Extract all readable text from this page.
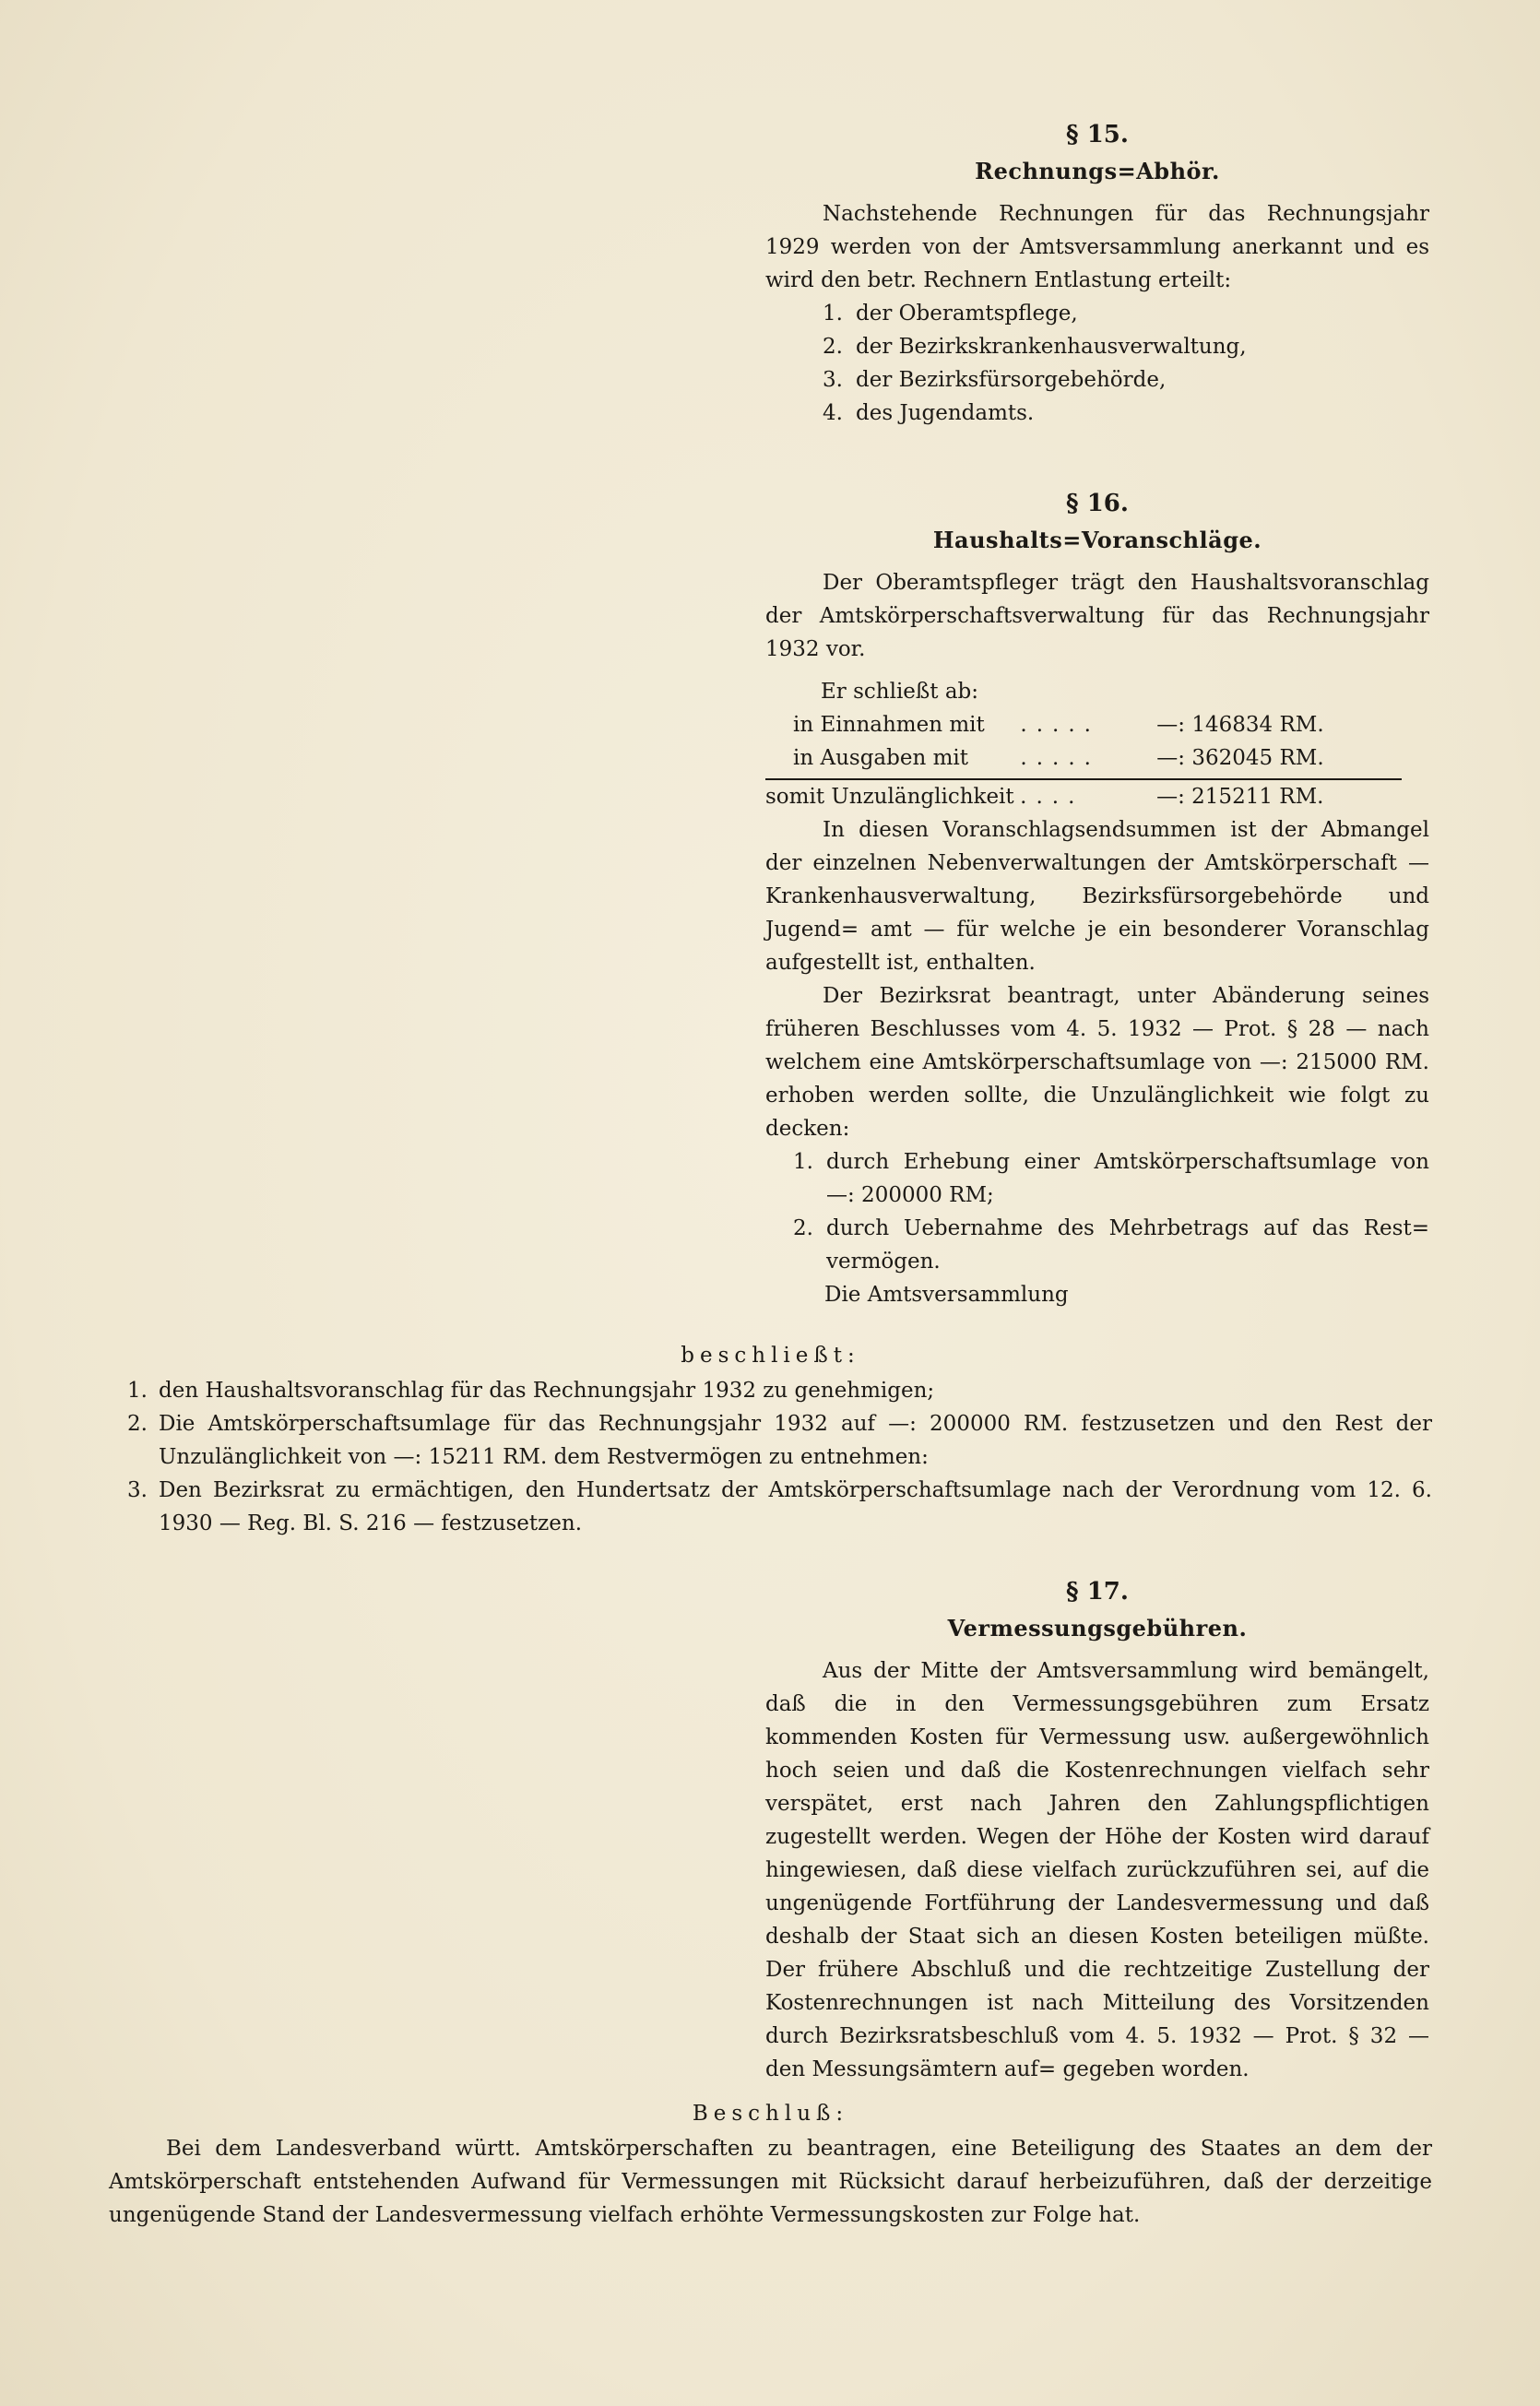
§ 15.
Rechnungs=Abhör.

Nachstehende Rechnungen für das Rechnungsjahr 1929 werden von der Amtsversammlung anerkannt und es wird den betr. Rechnern Entlastung erteilt:

1. der Oberamtspflege,
2. der Bezirkskrankenhausverwaltung,
3. der Bezirksfürsorgebehörde,
4. des Jugendamts.
§ 16.
Haushalts=Voranschläge.

Der Oberamtspfleger trägt den Haushaltsvoranschlag der Amtskörperschaftsverwaltung für das Rechnungsjahr 1932 vor.

Er schließt ab:
in Einnahmen mit	.....	—: 146834 RM.
in Ausgaben mit	.....	—: 362045 RM.
somit Unzulänglichkeit ....	—: 215211 RM.

In diesen Voranschlagsendsummen ist der Abmangel der einzelnen Nebenverwaltungen der Amtskörperschaft — Krankenhausverwaltung, Bezirksfürsorgebehörde und Jugend= amt — für welche je ein besonderer Voranschlag aufgestellt ist, enthalten.

Der Bezirksrat beantragt, unter Abänderung seines früheren Beschlusses vom 4. 5. 1932 — Prot. § 28 — nach welchem eine Amtskörperschaftsumlage von —: 215000 RM. erhoben werden sollte, die Unzulänglichkeit wie folgt zu decken:

1. durch Erhebung einer Amtskörperschaftsumlage von —: 200000 RM;
2. durch Uebernahme des Mehrbetrags auf das Rest= vermögen.

Die Amtsversammlung

beschließt:
1. den Haushaltsvoranschlag für das Rechnungsjahr 1932 zu genehmigen;
2. Die Amtskörperschaftsumlage für das Rechnungsjahr 1932 auf —: 200000 RM. festzusetzen und den Rest der Unzulänglichkeit von —: 15211 RM. dem Restvermögen zu entnehmen:
3. Den Bezirksrat zu ermächtigen, den Hundertsatz der Amtskörperschaftsumlage nach der Verordnung vom 12. 6. 1930 — Reg. Bl. S. 216 — festzusetzen.
§ 17.
Vermessungsgebühren.

Aus der Mitte der Amtsversammlung wird bemängelt, daß die in den Vermessungsgebühren zum Ersatz kommenden Kosten für Vermessung usw. außergewöhnlich hoch seien und daß die Kostenrechnungen vielfach sehr verspätet, erst nach Jahren den Zahlungspflichtigen zugestellt werden. Wegen der Höhe der Kosten wird darauf hingewiesen, daß diese vielfach zurückzuführen sei, auf die ungenügende Fortführung der Landesvermessung und daß deshalb der Staat sich an diesen Kosten beteiligen müßte. Der frühere Abschluß und die rechtzeitige Zustellung der Kostenrechnungen ist nach Mitteilung des Vorsitzenden durch Bezirksratsbeschluß vom 4. 5. 1932 — Prot. § 32 — den Messungsämtern auf= gegeben worden.

Beschluß:

Bei dem Landesverband württ. Amtskörperschaften zu beantragen, eine Beteiligung des Staates an dem der Amtskörperschaft entstehenden Aufwand für Vermessungen mit Rücksicht darauf herbeizuführen, daß der derzeitige ungenügende Stand der Landesvermessung vielfach erhöhte Vermessungskosten zur Folge hat.
